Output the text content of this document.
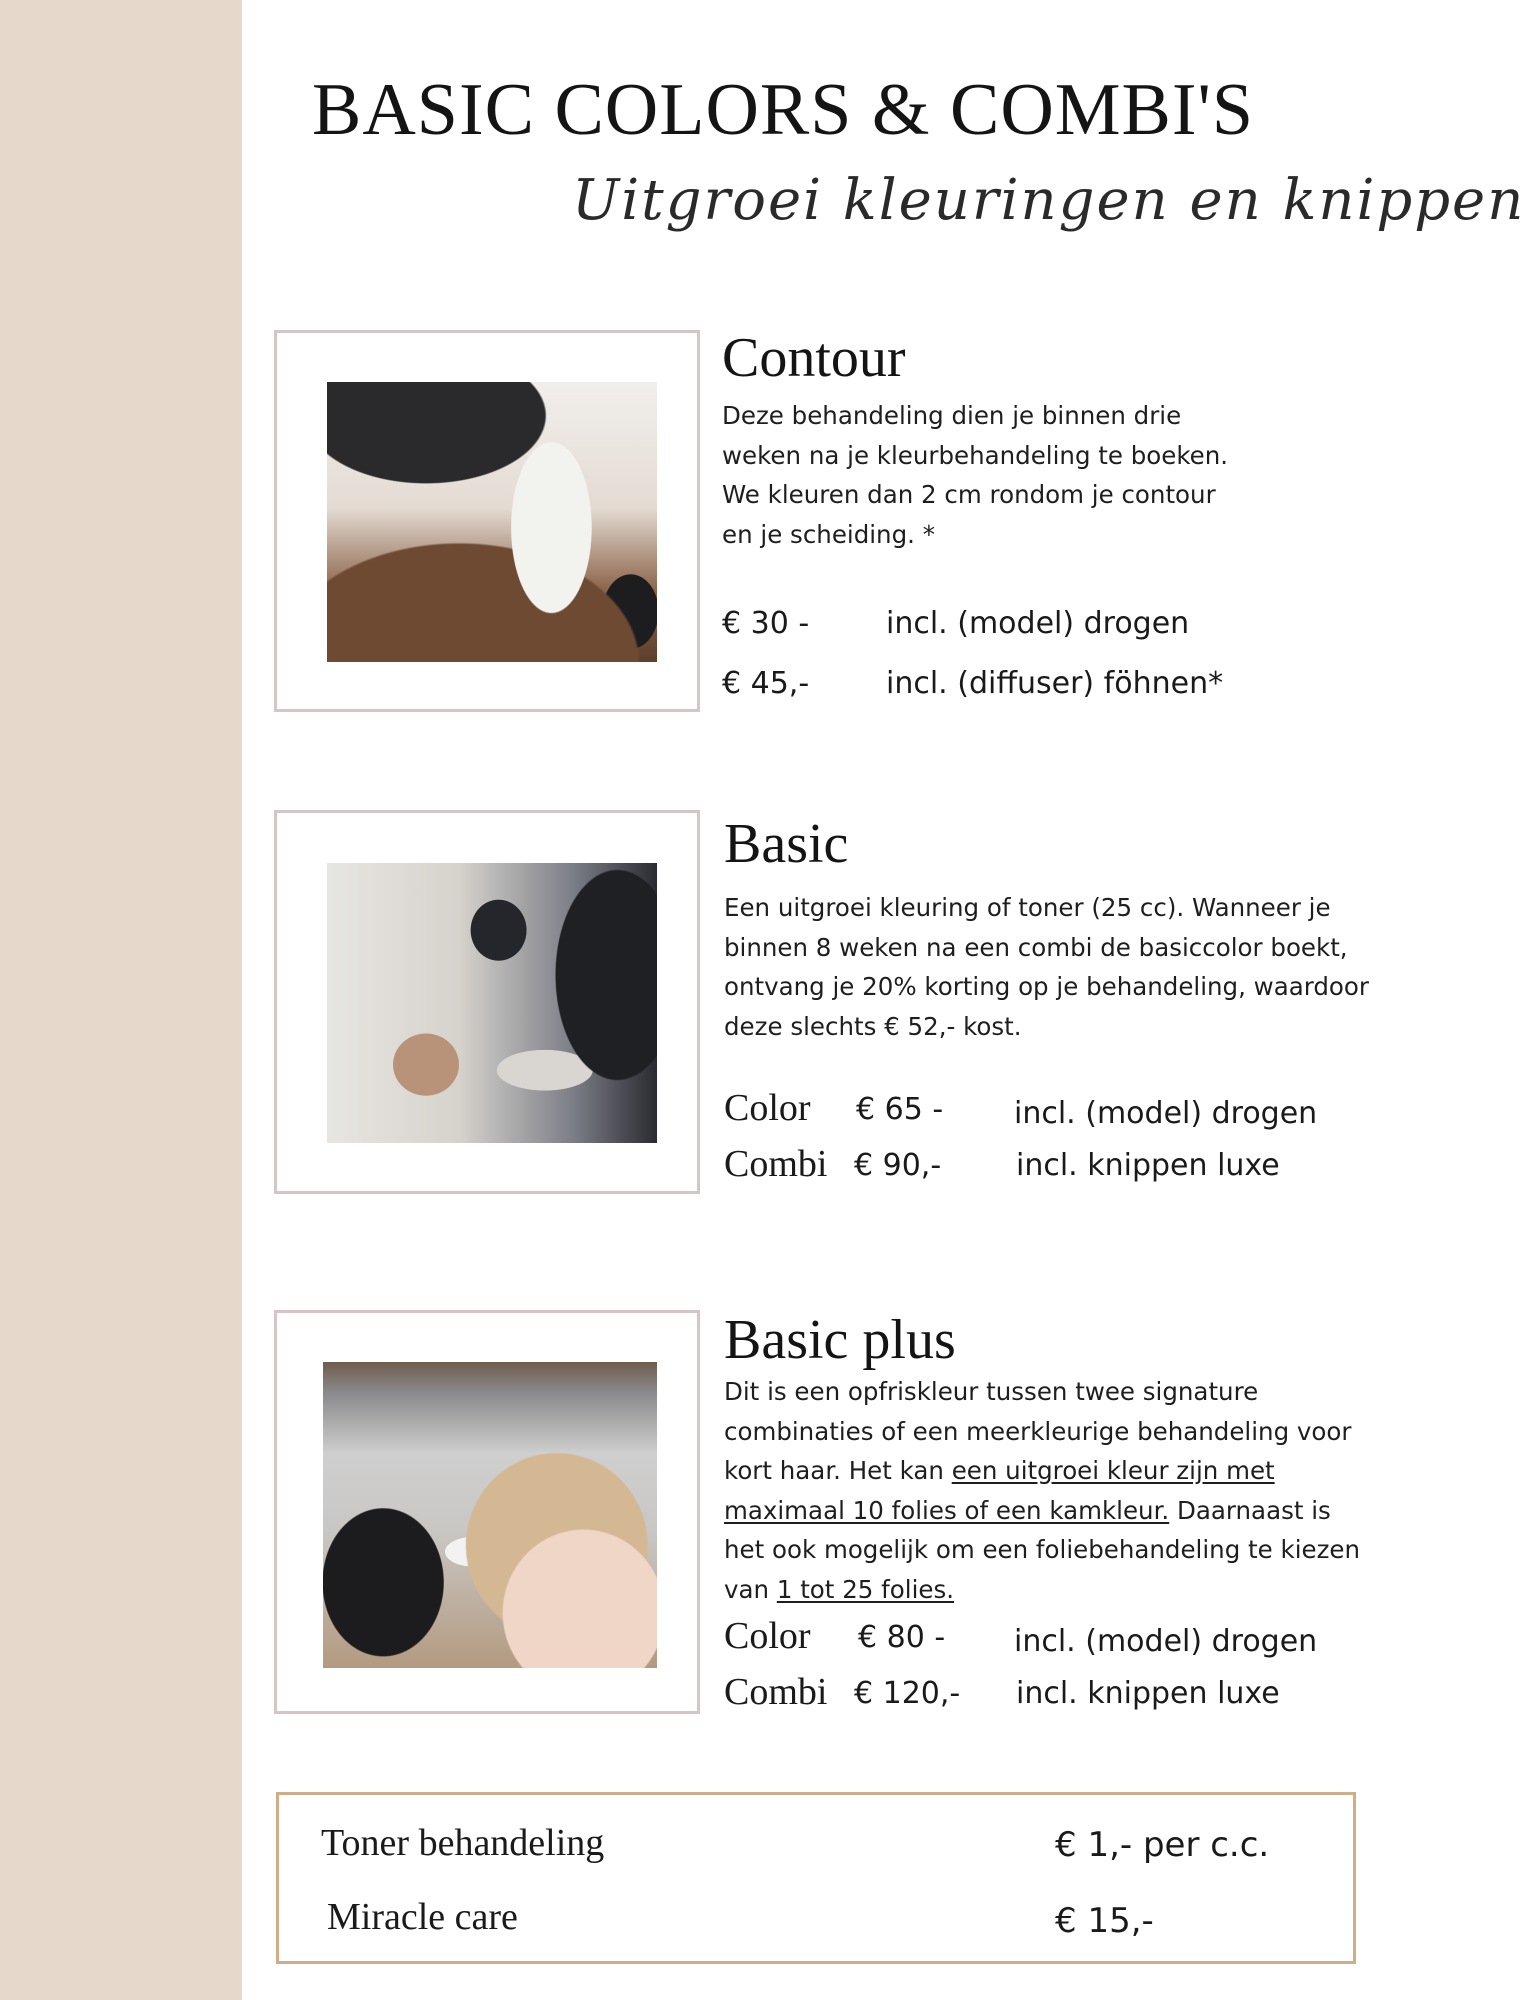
BASIC COLORS & COMBI'S
Uitgroei kleuringen en knippen
Contour

Deze behandeling dien je binnen drie weken na je kleurbehandeling te boeken. We kleuren dan 2 cm rondom je contour en je scheiding. *

€ 30 -	incl. (model) drogen
€ 45,-	incl. (diffuser) föhnen*
Basic

Een uitgroei kleuring of toner (25 cc). Wanneer je binnen 8 weken na een combi de basiccolor boekt, ontvang je 20% korting op je behandeling, waardoor deze slechts € 52,- kost.

Color € 65 - incl. (model) drogen
Combi € 90,- incl. knippen luxe
Basic plus

Dit is een opfriskleur tussen twee signature combinaties of een meerkleurige behandeling voor kort haar. Het kan een uitgroei kleur zijn met maximaal 10 folies of een kamkleur. Daarnaast is het ook mogelijk om een foliebehandeling te kiezen van 1 tot 25 folies.

Color € 80 - incl. (model) drogen
Combi € 120,- incl. knippen luxe
Toner behandeling	€ 1,- per c.c.
Miracle care	€ 15,-
